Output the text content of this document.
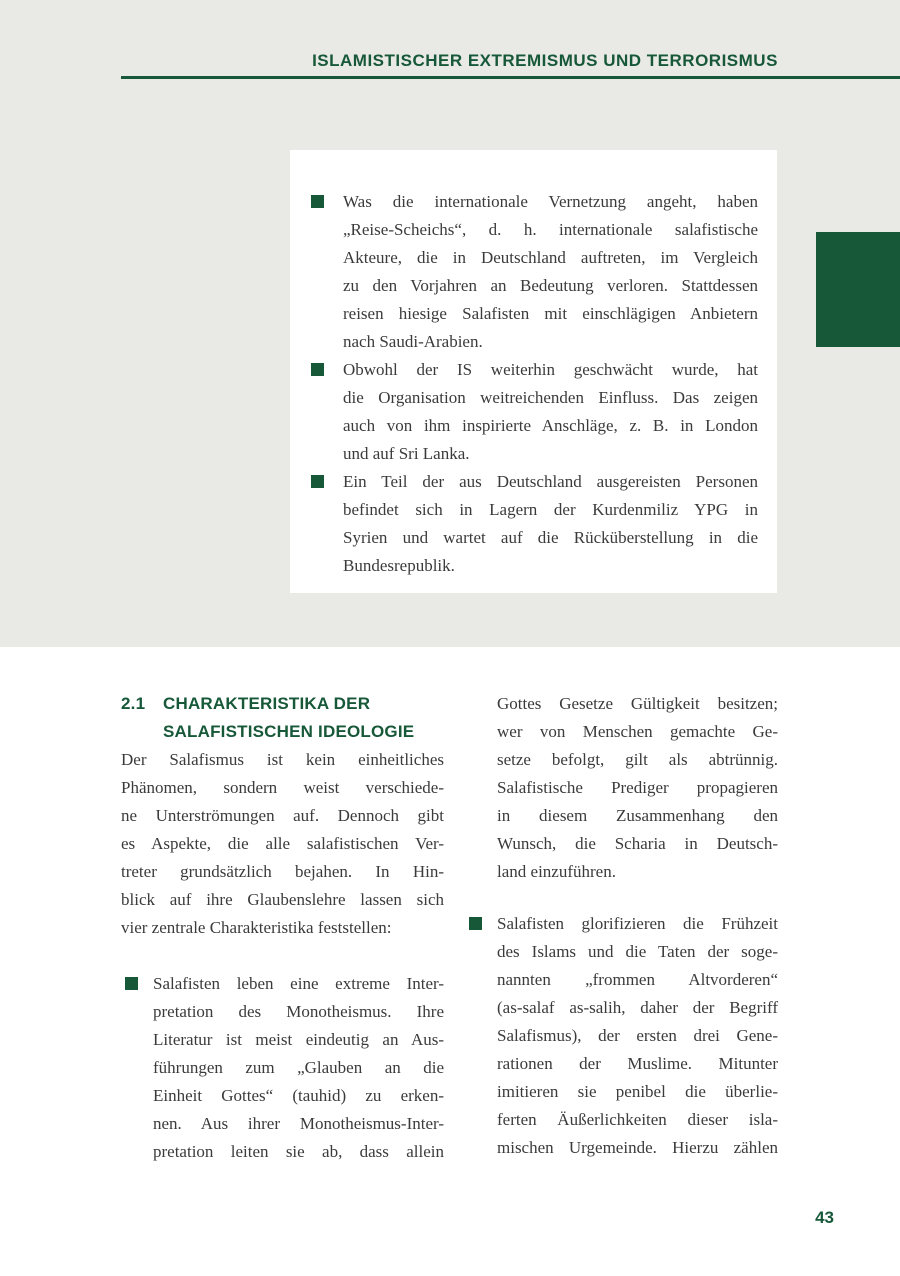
ISLAMISTISCHER EXTREMISMUS UND TERRORISMUS
Was die internationale Vernetzung angeht, haben
„Reise-Scheichs“, d. h. internationale salafistische
Akteure, die in Deutschland auftreten, im Vergleich
zu den Vorjahren an Bedeutung verloren. Stattdessen
reisen hiesige Salafisten mit einschlägigen Anbietern
nach Saudi-Arabien.
Obwohl der IS weiterhin geschwächt wurde, hat
die Organisation weitreichenden Einfluss. Das zeigen
auch von ihm inspirierte Anschläge, z. B. in London
und auf Sri Lanka.
Ein Teil der aus Deutschland ausgereisten Personen
befindet sich in Lagern der Kurdenmiliz YPG in
Syrien und wartet auf die Rücküberstellung in die
Bundesrepublik.
2.1	CHARAKTERISTIKA DER
SALAFISTISCHEN IDEOLOGIE
Der Salafismus ist kein einheitliches
Phänomen, sondern weist verschiede-
ne Unterströmungen auf. Dennoch gibt
es Aspekte, die alle salafistischen Ver-
treter grundsätzlich bejahen. In Hin-
blick auf ihre Glaubenslehre lassen sich
vier zentrale Charakteristika feststellen:
Salafisten leben eine extreme Inter-
pretation des Monotheismus. Ihre
Literatur ist meist eindeutig an Aus-
führungen zum „Glauben an die
Einheit Gottes“ (tauhid) zu erken-
nen. Aus ihrer Monotheismus-Inter-
pretation leiten sie ab, dass allein
Gottes Gesetze Gültigkeit besitzen;
wer von Menschen gemachte Ge-
setze befolgt, gilt als abtrünnig.
Salafistische Prediger propagieren
in diesem Zusammenhang den
Wunsch, die Scharia in Deutsch-
land einzuführen.
Salafisten glorifizieren die Frühzeit
des Islams und die Taten der soge-
nannten „frommen Altvorderen“
(as-salaf as-salih, daher der Begriff
Salafismus), der ersten drei Gene-
rationen der Muslime. Mitunter
imitieren sie penibel die überlie-
ferten Äußerlichkeiten dieser isla-
mischen Urgemeinde. Hierzu zählen
43
